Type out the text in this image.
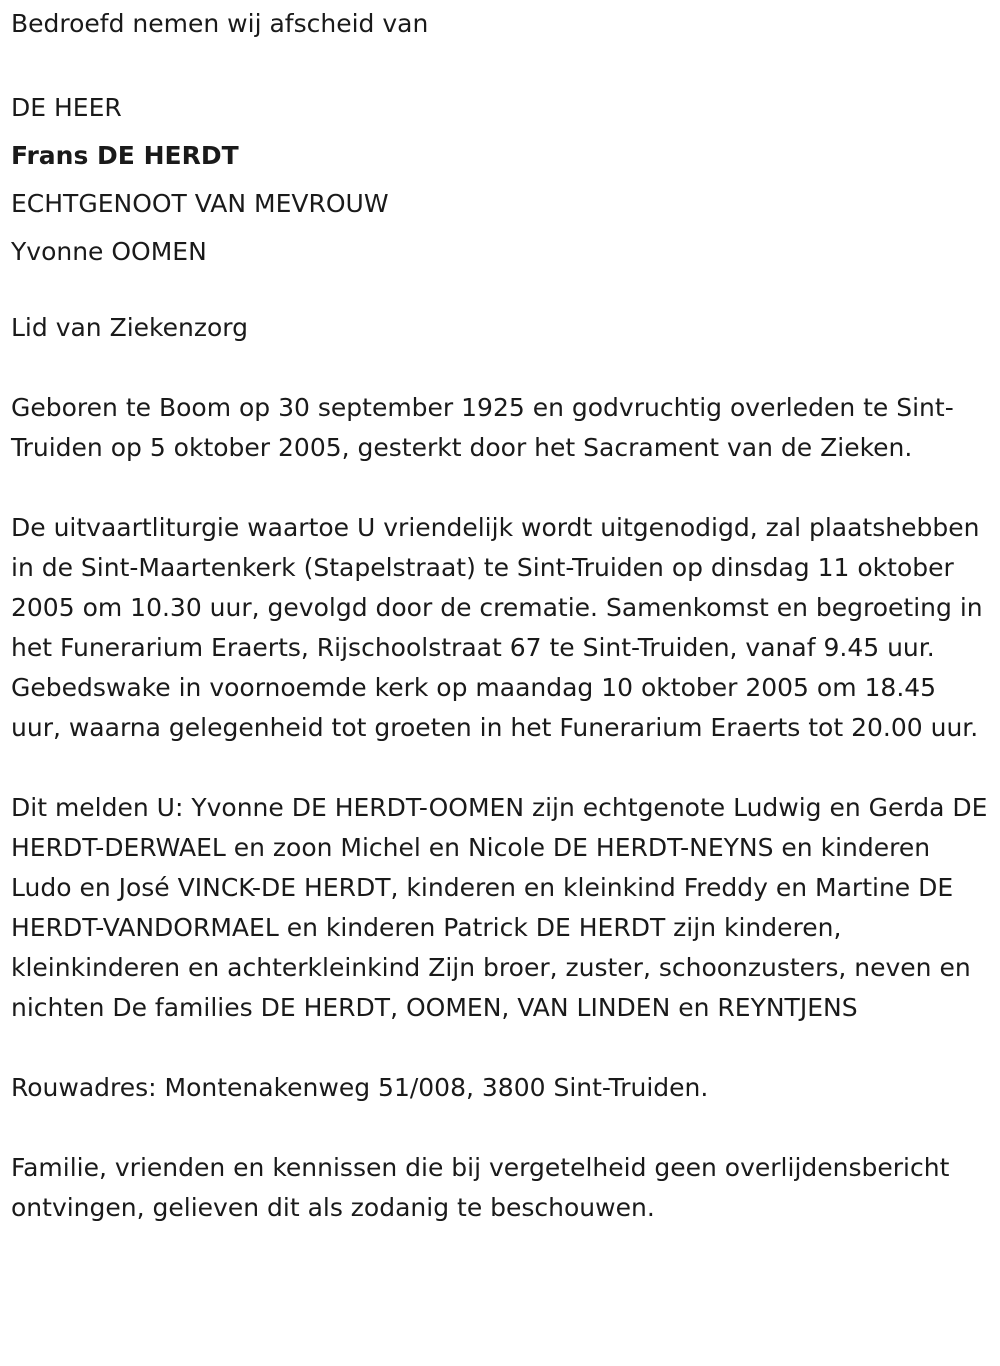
Bedroefd nemen wij afscheid van
DE HEER
Frans DE HERDT
ECHTGENOOT VAN MEVROUW
Yvonne OOMEN
Lid van Ziekenzorg

Geboren te Boom op 30 september 1925 en godvruchtig overleden te Sint-Truiden op 5 oktober 2005, gesterkt door het Sacrament van de Zieken.

De uitvaartliturgie waartoe U vriendelijk wordt uitgenodigd, zal plaatshebben in de Sint-Maartenkerk (Stapelstraat) te Sint-Truiden op dinsdag 11 oktober 2005 om 10.30 uur, gevolgd door de crematie. Samenkomst en begroeting in het Funerarium Eraerts, Rijschoolstraat 67 te Sint-Truiden, vanaf 9.45 uur. Gebedswake in voornoemde kerk op maandag 10 oktober 2005 om 18.45 uur, waarna gelegenheid tot groeten in het Funerarium Eraerts tot 20.00 uur.

Dit melden U: Yvonne DE HERDT-OOMEN zijn echtgenote Ludwig en Gerda DE HERDT-DERWAEL en zoon Michel en Nicole DE HERDT-NEYNS en kinderen Ludo en José VINCK-DE HERDT, kinderen en kleinkind Freddy en Martine DE HERDT-VANDORMAEL en kinderen Patrick DE HERDT zijn kinderen, kleinkinderen en achterkleinkind Zijn broer, zuster, schoonzusters, neven en nichten De families DE HERDT, OOMEN, VAN LINDEN en REYNTJENS

Rouwadres: Montenakenweg 51/008, 3800 Sint-Truiden.

Familie, vrienden en kennissen die bij vergetelheid geen overlijdensbericht ontvingen, gelieven dit als zodanig te beschouwen.
